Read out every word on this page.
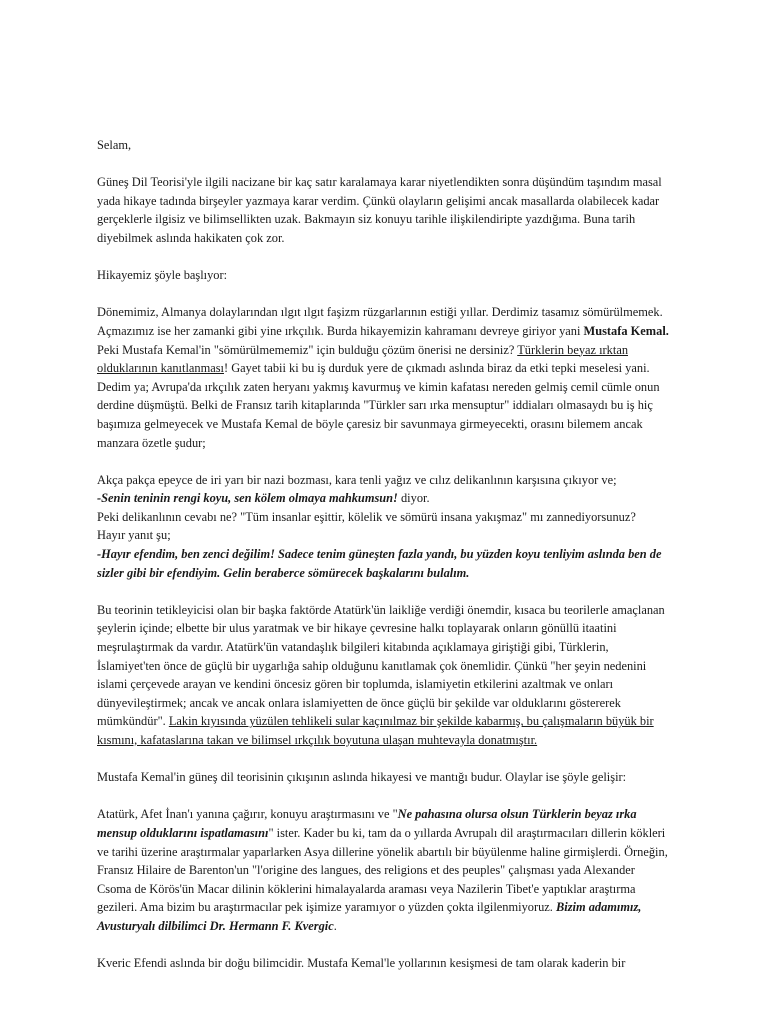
Selam,

Güneş Dil Teorisi'yle ilgili nacizane bir kaç satır karalamaya karar niyetlendikten sonra düşündüm taşındım masal yada hikaye tadında birşeyler yazmaya karar verdim. Çünkü olayların gelişimi ancak masallarda olabilecek kadar gerçeklerle ilgisiz ve bilimsellikten uzak. Bakmayın siz konuyu tarihle ilişkilendiripte yazdığıma. Buna tarih diyebilmek aslında hakikaten çok zor.

Hikayemiz şöyle başlıyor:

Dönemimiz, Almanya dolaylarından ılgıt ılgıt faşizm rüzgarlarının estiği yıllar. Derdimiz tasamız sömürülmemek. Açmazımız ise her zamanki gibi yine ırkçılık. Burda hikayemizin kahramanı devreye giriyor yani Mustafa Kemal. Peki Mustafa Kemal'in "sömürülmememiz" için bulduğu çözüm önerisi ne dersiniz? Türklerin beyaz ırktan olduklarının kanıtlanması! Gayet tabii ki bu iş durduk yere de çıkmadı aslında biraz da etki tepki meselesi yani. Dedim ya; Avrupa'da ırkçılık zaten heryanı yakmış kavurmuş ve kimin kafatası nereden gelmiş cemil cümle onun derdine düşmüştü. Belki de Fransız tarih kitaplarında "Türkler sarı ırka mensuptur" iddiaları olmasaydı bu iş hiç başımıza gelmeyecek ve Mustafa Kemal de böyle çaresiz bir savunmaya girmeyecekti, orasını bilemem ancak manzara özetle şudur;

Akça pakça epeyce de iri yarı bir nazi bozması, kara tenli yağız ve cılız delikanlının karşısına çıkıyor ve;
-Senin teninin rengi koyu, sen kölem olmaya mahkumsun! diyor.
Peki delikanlının cevabı ne? "Tüm insanlar eşittir, kölelik ve sömürü insana yakışmaz" mı zannediyorsunuz?
Hayır yanıt şu;
-Hayır efendim, ben zenci değilim! Sadece tenim güneşten fazla yandı, bu yüzden koyu tenliyim aslında ben de sizler gibi bir efendiyim. Gelin beraberce sömürecek başkalarını bulalım.

Bu teorinin tetikleyicisi olan bir başka faktörde Atatürk'ün laikliğe verdiği önemdir, kısaca bu teorilerle amaçlanan şeylerin içinde; elbette bir ulus yaratmak ve bir hikaye çevresine halkı toplayarak onların gönüllü itaatini meşrulaştırmak da vardır. Atatürk'ün vatandaşlık bilgileri kitabında açıklamaya giriştiği gibi, Türklerin, İslamiyet'ten önce de güçlü bir uygarlığa sahip olduğunu kanıtlamak çok önemlidir. Çünkü "her şeyin nedenini islami çerçevede arayan ve kendini öncesiz gören bir toplumda, islamiyetin etkilerini azaltmak ve onları dünyevileştirmek; ancak ve ancak onlara islamiyetten de önce güçlü bir şekilde var olduklarını göstererek mümkündür". Lakin kıyısında yüzülen tehlikeli sular kaçınılmaz bir şekilde kabarmış, bu çalışmaların büyük bir kısmını, kafataslarına takan ve bilimsel ırkçılık boyutuna ulaşan muhtevayla donatmıştır.

Mustafa Kemal'in güneş dil teorisinin çıkışının aslında hikayesi ve mantığı budur. Olaylar ise şöyle gelişir:

Atatürk, Afet İnan'ı yanına çağırır, konuyu araştırmasını ve "Ne pahasına olursa olsun Türklerin beyaz ırka mensup olduklarını ispatlamasını" ister. Kader bu ki, tam da o yıllarda Avrupalı dil araştırmacıları dillerin kökleri ve tarihi üzerine araştırmalar yaparlarken Asya dillerine yönelik abartılı bir büyülenme haline girmişlerdi. Örneğin, Fransız Hilaire de Barenton'un "l'origine des langues, des religions et des peuples" çalışması yada Alexander Csoma de Körös'ün Macar dilinin köklerini himalayalarda araması veya Nazilerin Tibet'e yaptıklar araştırma gezileri. Ama bizim bu araştırmacılar pek işimize yaramıyor o yüzden çokta ilgilenmiyoruz. Bizim adamımız, Avusturyalı dilbilimci Dr. Hermann F. Kvergic.

Kveric Efendi aslında bir doğu bilimcidir. Mustafa Kemal'le yollarının kesişmesi de tam olarak kaderin bir
